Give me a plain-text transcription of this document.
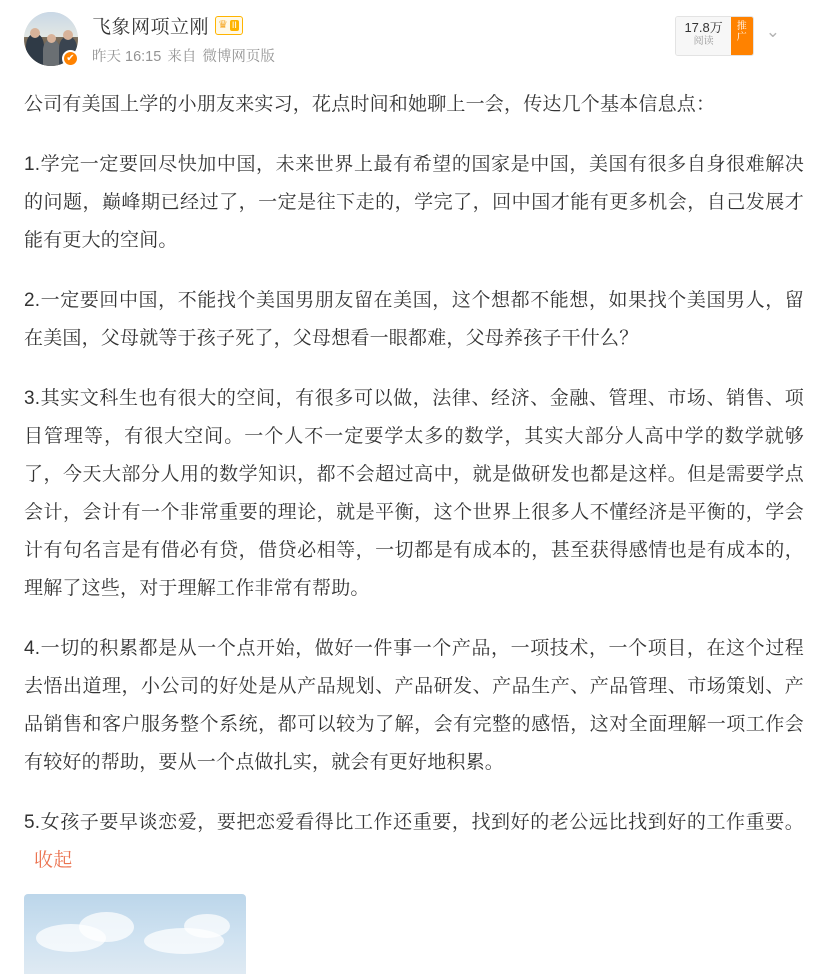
✔
飞象网项立刚 ♛ II
昨天 16:15 来自 微博网页版
17.8万
阅读
推广	⌄

公司有美国上学的小朋友来实习，花点时间和她聊上一会，传达几个基本信息点：

1.学完一定要回尽快加中国，未来世界上最有希望的国家是中国，美国有很多自身很难解决的问题，巅峰期已经过了，一定是往下走的，学完了，回中国才能有更多机会，自己发展才能有更大的空间。

2.一定要回中国，不能找个美国男朋友留在美国，这个想都不能想，如果找个美国男人，留在美国，父母就等于孩子死了，父母想看一眼都难，父母养孩子干什么？

3.其实文科生也有很大的空间，有很多可以做，法律、经济、金融、管理、市场、销售、项目管理等，有很大空间。一个人不一定要学太多的数学，其实大部分人高中学的数学就够了，今天大部分人用的数学知识，都不会超过高中，就是做研发也都是这样。但是需要学点会计，会计有一个非常重要的理论，就是平衡，这个世界上很多人不懂经济是平衡的，学会计有句名言是有借必有贷，借贷必相等，一切都是有成本的，甚至获得感情也是有成本的，理解了这些，对于理解工作非常有帮助。

4.一切的积累都是从一个点开始，做好一件事一个产品，一项技术，一个项目，在这个过程去悟出道理，小公司的好处是从产品规划、产品研发、产品生产、产品管理、市场策划、产品销售和客户服务整个系统，都可以较为了解，会有完整的感悟，这对全面理解一项工作会有较好的帮助，要从一个点做扎实，就会有更好地积累。

5.女孩子要早谈恋爱，要把恋爱看得比工作还重要，找到好的老公远比找到好的工作重要。收起
